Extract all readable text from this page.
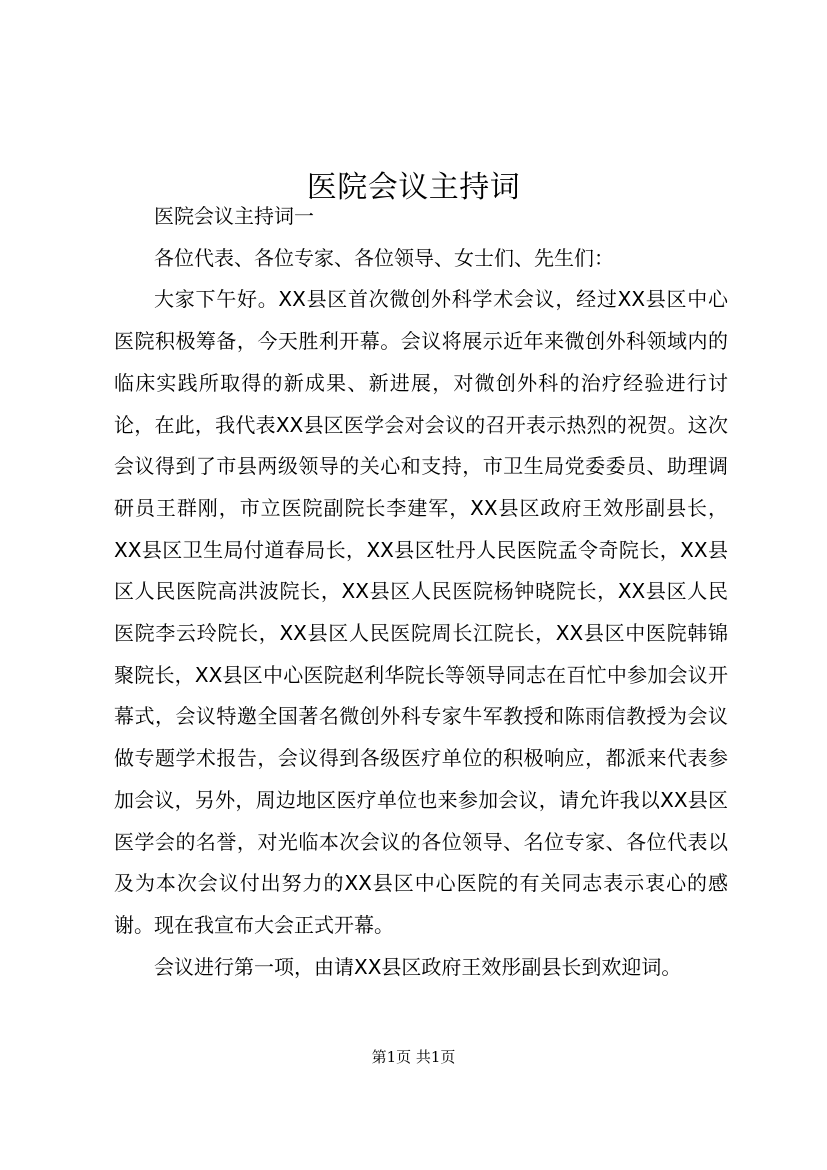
医院会议主持词

医院会议主持词一

各位代表、各位专家、各位领导、女士们、先生们：

大家下午好。XX县区首次微创外科学术会议，经过XX县区中心医院积极筹备，今天胜利开幕。会议将展示近年来微创外科领域内的临床实践所取得的新成果、新进展，对微创外科的治疗经验进行讨论，在此，我代表XX县区医学会对会议的召开表示热烈的祝贺。这次会议得到了市县两级领导的关心和支持，市卫生局党委委员、助理调研员王群刚，市立医院副院长李建军，XX县区政府王效彤副县长，XX县区卫生局付道春局长，XX县区牡丹人民医院孟令奇院长，XX县区人民医院高洪波院长，XX县区人民医院杨钟晓院长，XX县区人民医院李云玲院长，XX县区人民医院周长江院长，XX县区中医院韩锦聚院长，XX县区中心医院赵利华院长等领导同志在百忙中参加会议开幕式，会议特邀全国著名微创外科专家牛军教授和陈雨信教授为会议做专题学术报告，会议得到各级医疗单位的积极响应，都派来代表参加会议，另外，周边地区医疗单位也来参加会议，请允许我以XX县区医学会的名誉，对光临本次会议的各位领导、名位专家、各位代表以及为本次会议付出努力的XX县区中心医院的有关同志表示衷心的感谢。现在我宣布大会正式开幕。

会议进行第一项，由请XX县区政府王效彤副县长到欢迎词。

第1页 共1页
